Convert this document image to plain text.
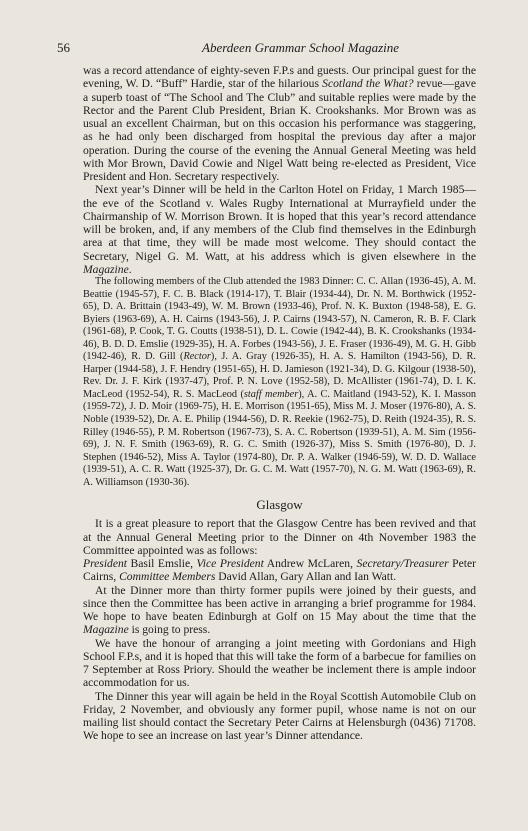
56	Aberdeen Grammar School Magazine

was a record attendance of eighty-seven F.P.s and guests. Our principal guest for the evening, W. D. “Buff” Hardie, star of the hilarious Scotland the What? revue—gave a superb toast of “The School and The Club” and suitable replies were made by the Rector and the Parent Club President, Brian K. Crookshanks. Mor Brown was as usual an excellent Chairman, but on this occasion his performance was staggering, as he had only been discharged from hospital the previous day after a major operation. During the course of the evening the Annual General Meeting was held with Mor Brown, David Cowie and Nigel Watt being re-elected as President, Vice President and Hon. Secretary respectively.

Next year’s Dinner will be held in the Carlton Hotel on Friday, 1 March 1985—the eve of the Scotland v. Wales Rugby International at Murrayfield under the Chairmanship of W. Morrison Brown. It is hoped that this year’s record attendance will be broken, and, if any members of the Club find themselves in the Edinburgh area at that time, they will be made most welcome. They should contact the Secretary, Nigel G. M. Watt, at his address which is given elsewhere in the Magazine.

The following members of the Club attended the 1983 Dinner: C. C. Allan (1936-45), A. M. Beattie (1945-57), F. C. B. Black (1914-17), T. Blair (1934-44), Dr. N. M. Borthwick (1952-65), D. A. Brittain (1943-49), W. M. Brown (1933-46), Prof. N. K. Buxton (1948-58), E. G. Byiers (1963-69), A. H. Cairns (1943-56), J. P. Cairns (1943-57), N. Cameron, R. B. F. Clark (1961-68), P. Cook, T. G. Coutts (1938-51), D. L. Cowie (1942-44), B. K. Crookshanks (1934-46), B. D. D. Emslie (1929-35), H. A. Forbes (1943-56), J. E. Fraser (1936-49), M. G. H. Gibb (1942-46), R. D. Gill (Rector), J. A. Gray (1926-35), H. A. S. Hamilton (1943-56), D. R. Harper (1944-58), J. F. Hendry (1951-65), H. D. Jamieson (1921-34), D. G. Kilgour (1938-50), Rev. Dr. J. F. Kirk (1937-47), Prof. P. N. Love (1952-58), D. McAllister (1961-74), D. I. K. MacLeod (1952-54), R. S. MacLeod (staff member), A. C. Maitland (1943-52), K. I. Masson (1959-72), J. D. Moir (1969-75), H. E. Morrison (1951-65), Miss M. J. Moser (1976-80), A. S. Noble (1939-52), Dr. A. E. Philip (1944-56), D. R. Reekie (1962-75), D. Reith (1924-35), R. S. Rilley (1946-55), P. M. Robertson (1967-73), S. A. C. Robertson (1939-51), A. M. Sim (1956-69), J. N. F. Smith (1963-69), R. G. C. Smith (1926-37), Miss S. Smith (1976-80), D. J. Stephen (1946-52), Miss A. Taylor (1974-80), Dr. P. A. Walker (1946-59), W. D. D. Wallace (1939-51), A. C. R. Watt (1925-37), Dr. G. C. M. Watt (1957-70), N. G. M. Watt (1963-69), R. A. Williamson (1930-36).

Glasgow

It is a great pleasure to report that the Glasgow Centre has been revived and that at the Annual General Meeting prior to the Dinner on 4th November 1983 the Committee appointed was as follows:

President Basil Emslie, Vice President Andrew McLaren, Secretary/Treasurer Peter Cairns, Committee Members David Allan, Gary Allan and Ian Watt.

At the Dinner more than thirty former pupils were joined by their guests, and since then the Committee has been active in arranging a brief programme for 1984. We hope to have beaten Edinburgh at Golf on 15 May about the time that the Magazine is going to press.

We have the honour of arranging a joint meeting with Gordonians and High School F.P.s, and it is hoped that this will take the form of a barbecue for families on 7 September at Ross Priory. Should the weather be inclement there is ample indoor accommodation for us.

The Dinner this year will again be held in the Royal Scottish Automobile Club on Friday, 2 November, and obviously any former pupil, whose name is not on our mailing list should contact the Secretary Peter Cairns at Helensburgh (0436) 71708. We hope to see an increase on last year’s Dinner attendance.
